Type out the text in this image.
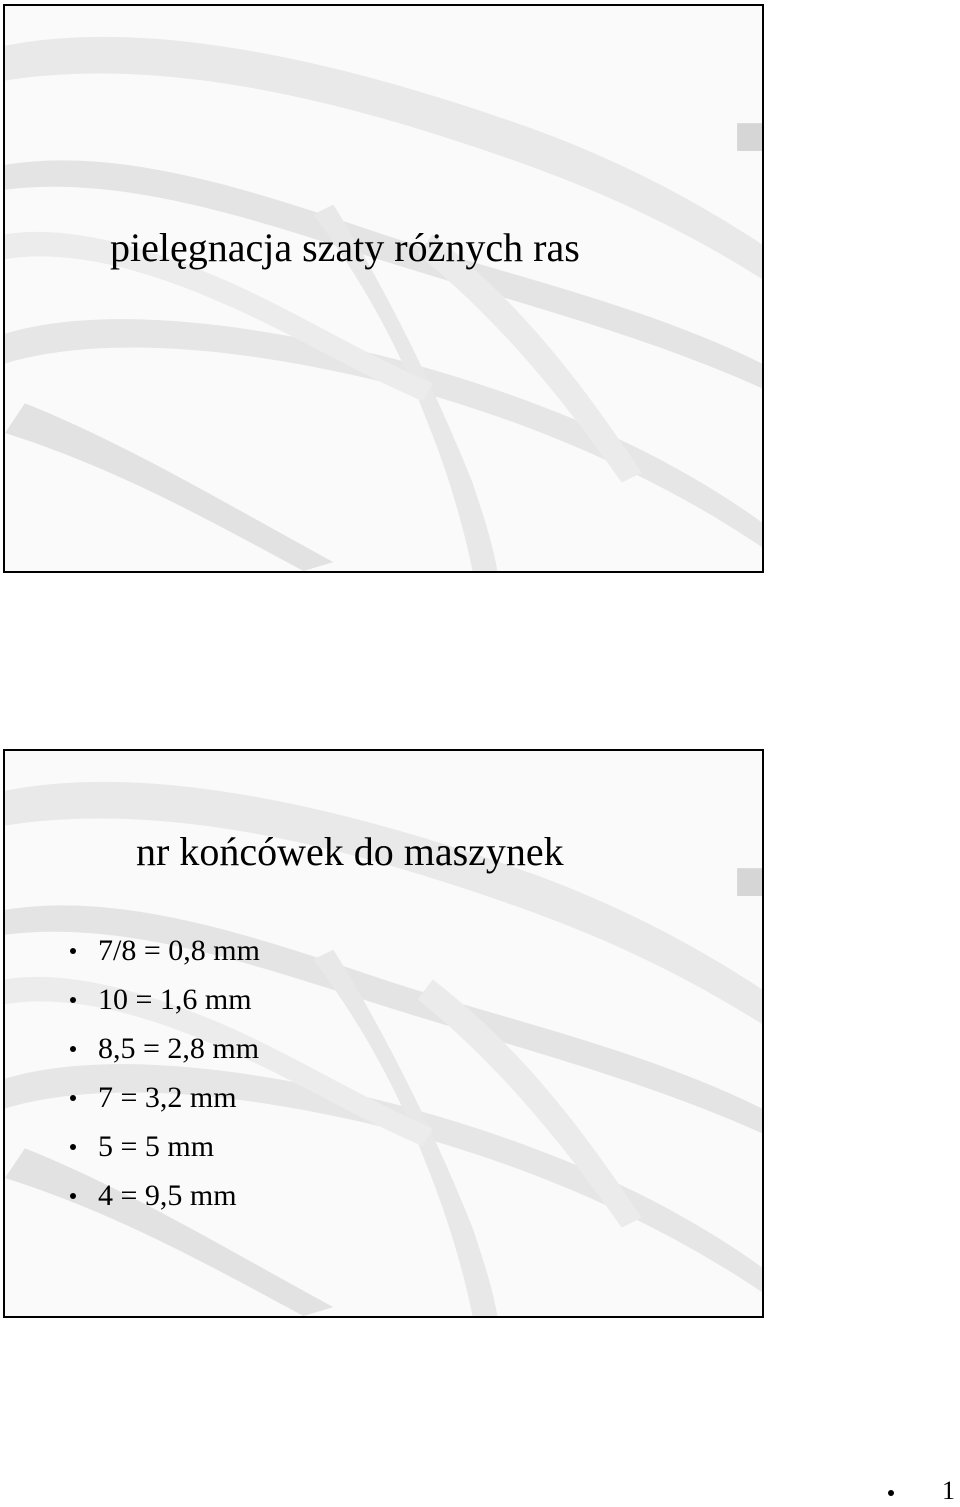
pielęgnacja szaty różnych ras
nr końcówek do maszynek
7/8 = 0,8 mm
10 = 1,6 mm
8,5 = 2,8 mm
7 = 3,2 mm
5 = 5 mm
4 = 9,5 mm
1
